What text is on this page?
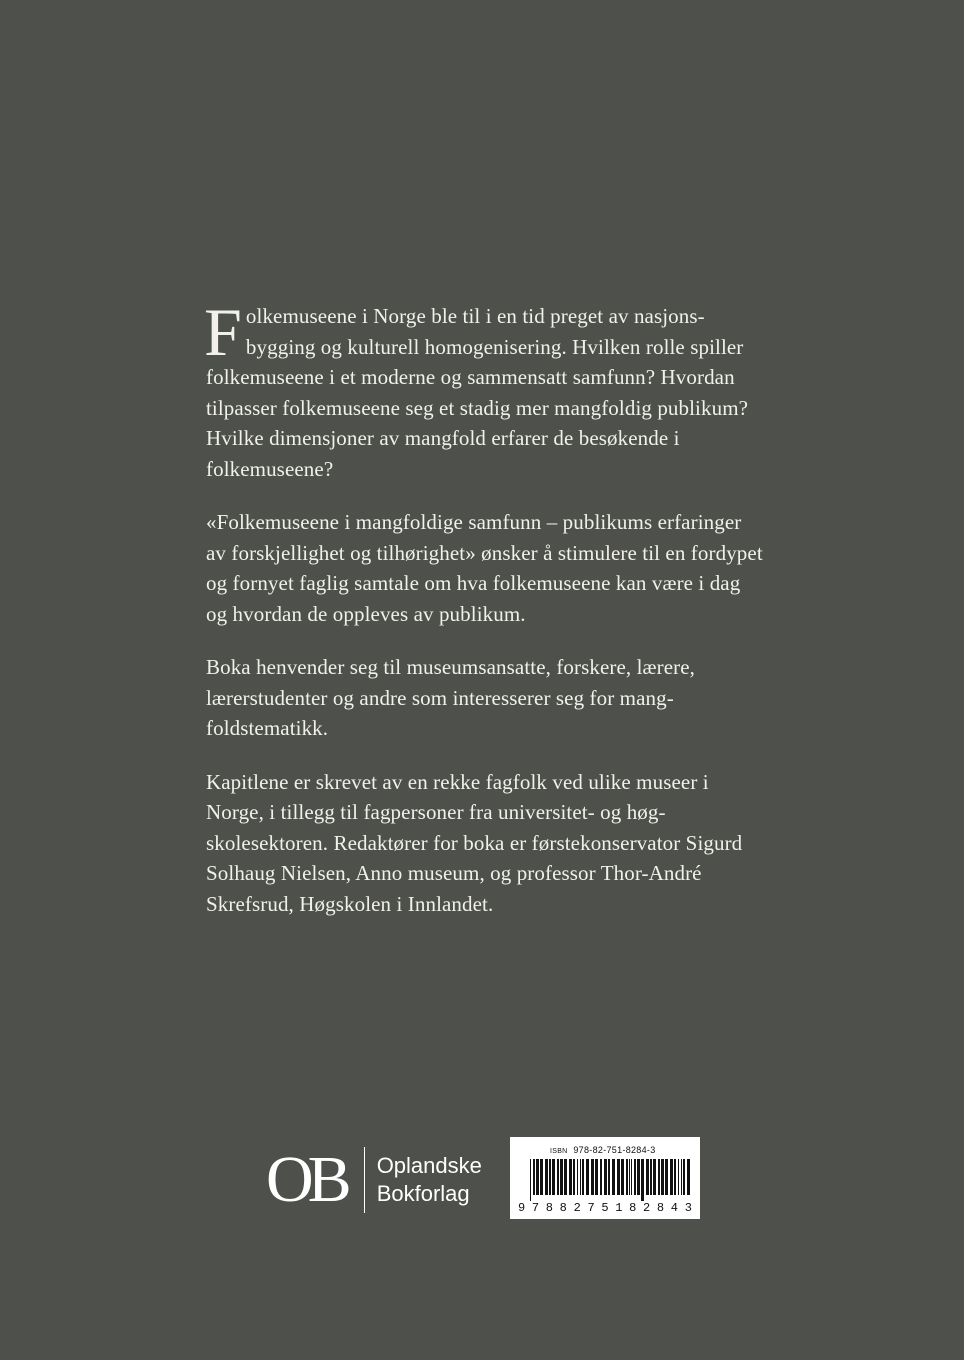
F olkemuseene i Norge ble til i en tid preget av nasjonsbygging og kulturell homogenisering. Hvilken rolle spiller folkemuseene i et moderne og sammensatt samfunn? Hvordan tilpasser folkemuseene seg et stadig mer mangfoldig publikum? Hvilke dimensjoner av mangfold erfarer de besøkende i folkemuseene?

«Folkemuseene i mangfoldige samfunn – publikums erfaringer av forskjellighet og tilhørighet» ønsker å stimulere til en fordypet og fornyet faglig samtale om hva folkemuseene kan være i dag og hvordan de oppleves av publikum.

Boka henvender seg til museumsansatte, forskere, lærere, lærerstudenter og andre som interesserer seg for mangfoldstematikk.

Kapitlene er skrevet av en rekke fagfolk ved ulike museer i Norge, i tillegg til fagpersoner fra universitet- og høgskolesektoren. Redaktører for boka er førstekonservator Sigurd Solhaug Nielsen, Anno museum, og professor Thor-André Skrefsrud, Høgskolen i Innlandet.

OB Oplandske
Bokforlag
ISBN 978-82-751-8284-3
9 7 8 8 2 7 5 1 8 2 8 4 3
